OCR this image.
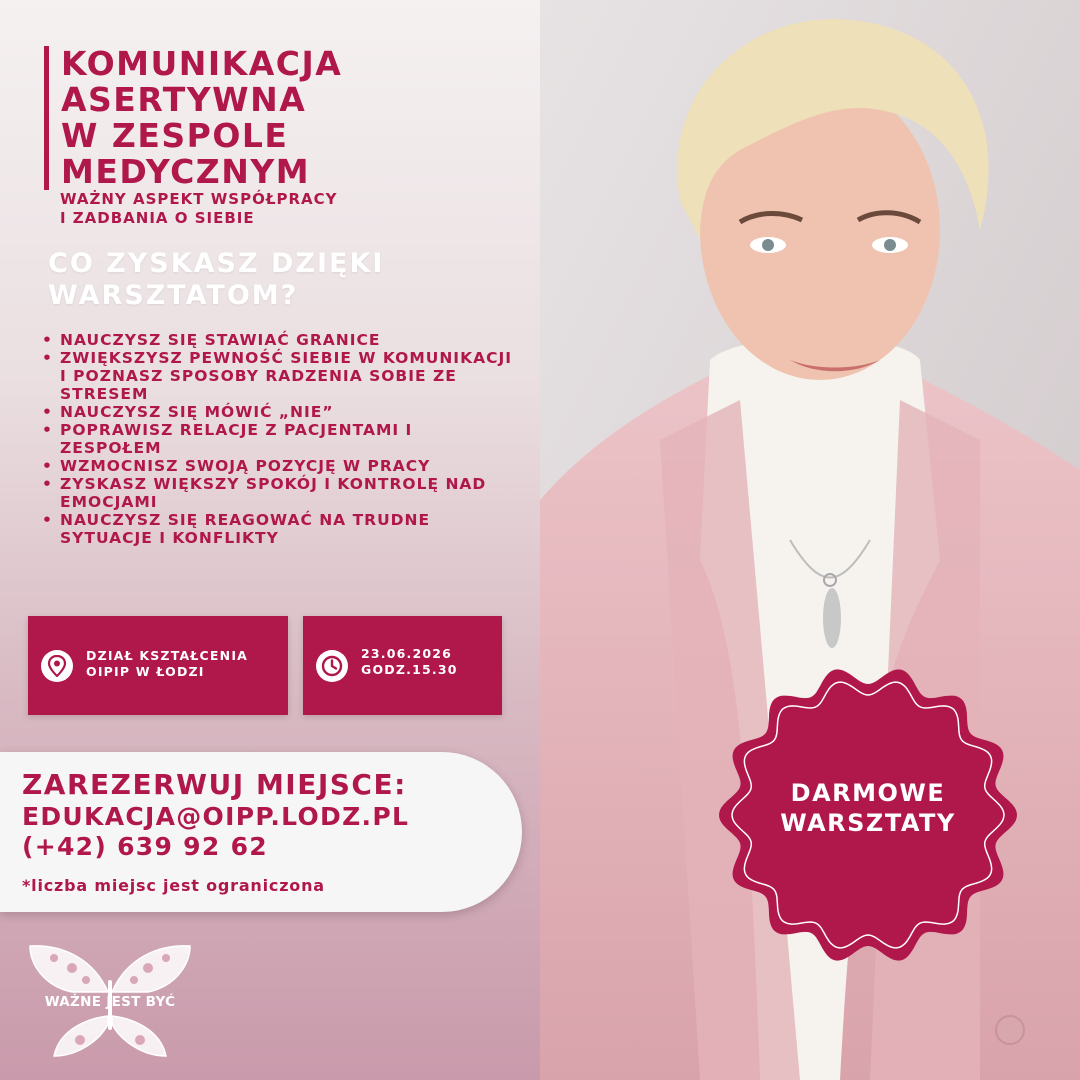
KOMUNIKACJA
ASERTYWNA
W ZESPOLE
MEDYCZNYM
WAŻNY ASPEKT WSPÓŁPRACY
I ZADBANIA O SIEBIE
CO ZYSKASZ DZIĘKI
WARSZTATOM?
• NAUCZYSZ SIĘ STAWIAĆ GRANICE
• ZWIĘKSZYSZ PEWNOŚĆ SIEBIE W KOMUNIKACJI I POZNASZ SPOSOBY RADZENIA SOBIE ZE STRESEM
• NAUCZYSZ SIĘ MÓWIĆ „NIE”
• POPRAWISZ RELACJE Z PACJENTAMI I ZESPOŁEM
• WZMOCNISZ SWOJĄ POZYCJĘ W PRACY
• ZYSKASZ WIĘKSZY SPOKÓJ I KONTROLĘ NAD EMOCJAMI
• NAUCZYSZ SIĘ REAGOWAĆ NA TRUDNE SYTUACJE I KONFLIKTY
DZIAŁ KSZTAŁCENIA
OIPIP W ŁODZI
23.06.2026
GODZ.15.30
ZAREZERWUJ MIEJSCE:
EDUKACJA@OIPP.LODZ.PL
(+42) 639 92 62
*liczba miejsc jest ograniczona
WAŻNE JEST BYĆ
DARMOWE
WARSZTATY
